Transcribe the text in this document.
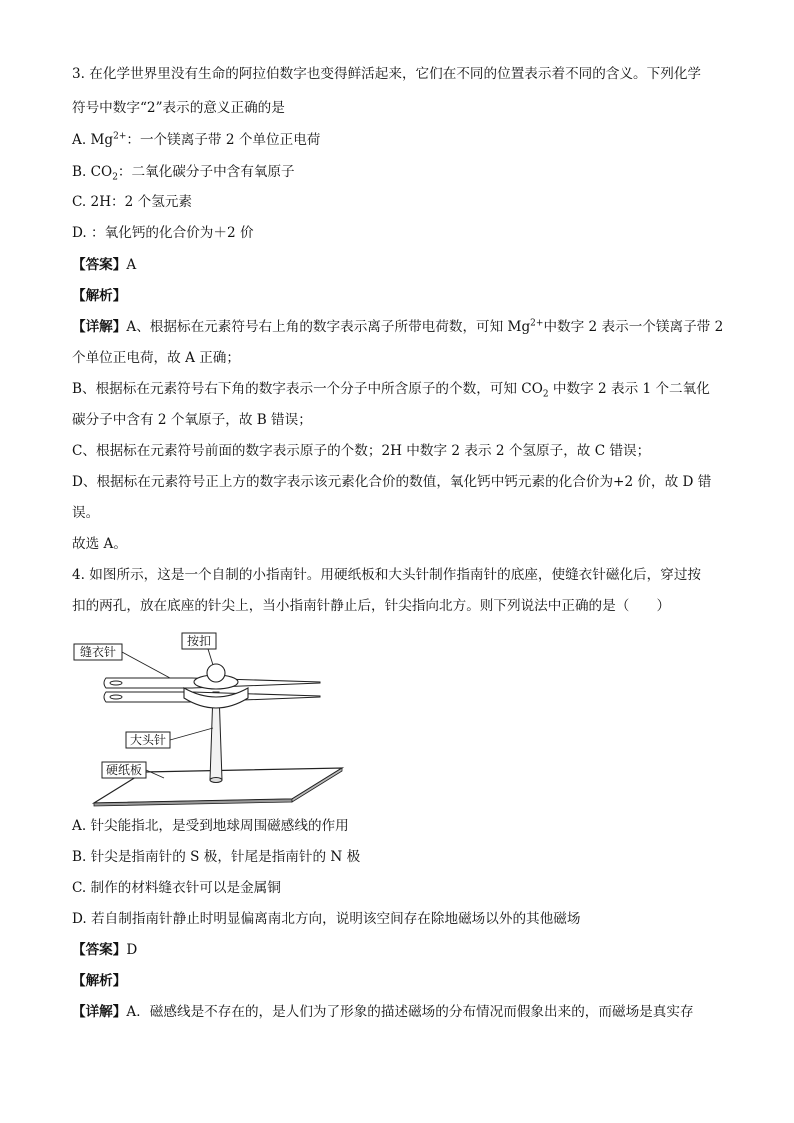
3. 在化学世界里没有生命的阿拉伯数字也变得鲜活起来，它们在不同的位置表示着不同的含义。下列化学
符号中数字“2”表示的意义正确的是
A. $Mg^{2+}$：一个镁离子带 2 个单位正电荷
B. $CO_2$：二氧化碳分子中含有氧原子
C. 2H：2 个氢元素
D. ：氧化钙的化合价为＋2 价
【答案】A
【解析】
【详解】A、根据标在元素符号右上角的数字表示离子所带电荷数，可知 $Mg^{2+}$中数字 2 表示一个镁离子带 2
个单位正电荷，故 A 正确；
B、根据标在元素符号右下角的数字表示一个分子中所含原子的个数，可知 $CO_2$ 中数字 2 表示 1 个二氧化
碳分子中含有 2 个氧原子，故 B 错误；
C、根据标在元素符号前面的数字表示原子的个数；2H 中数字 2 表示 2 个氢原子，故 C 错误；
D、根据标在元素符号正上方的数字表示该元素化合价的数值，氧化钙中钙元素的化合价为+2 价，故 D 错
误。
故选 A。
4. 如图所示，这是一个自制的小指南针。用硬纸板和大头针制作指南针的底座，使缝衣针磁化后，穿过按
扣的两孔，放在底座的针尖上，当小指南针静止后，针尖指向北方。则下列说法中正确的是（　　）
缝衣针
按扣
大头针
硬纸板
A. 针尖能指北，是受到地球周围磁感线的作用
B. 针尖是指南针的 S 极，针尾是指南针的 N 极
C. 制作的材料缝衣针可以是金属铜
D. 若自制指南针静止时明显偏离南北方向，说明该空间存在除地磁场以外的其他磁场
【答案】D
【解析】
【详解】A．磁感线是不存在的，是人们为了形象的描述磁场的分布情况而假象出来的，而磁场是真实存
